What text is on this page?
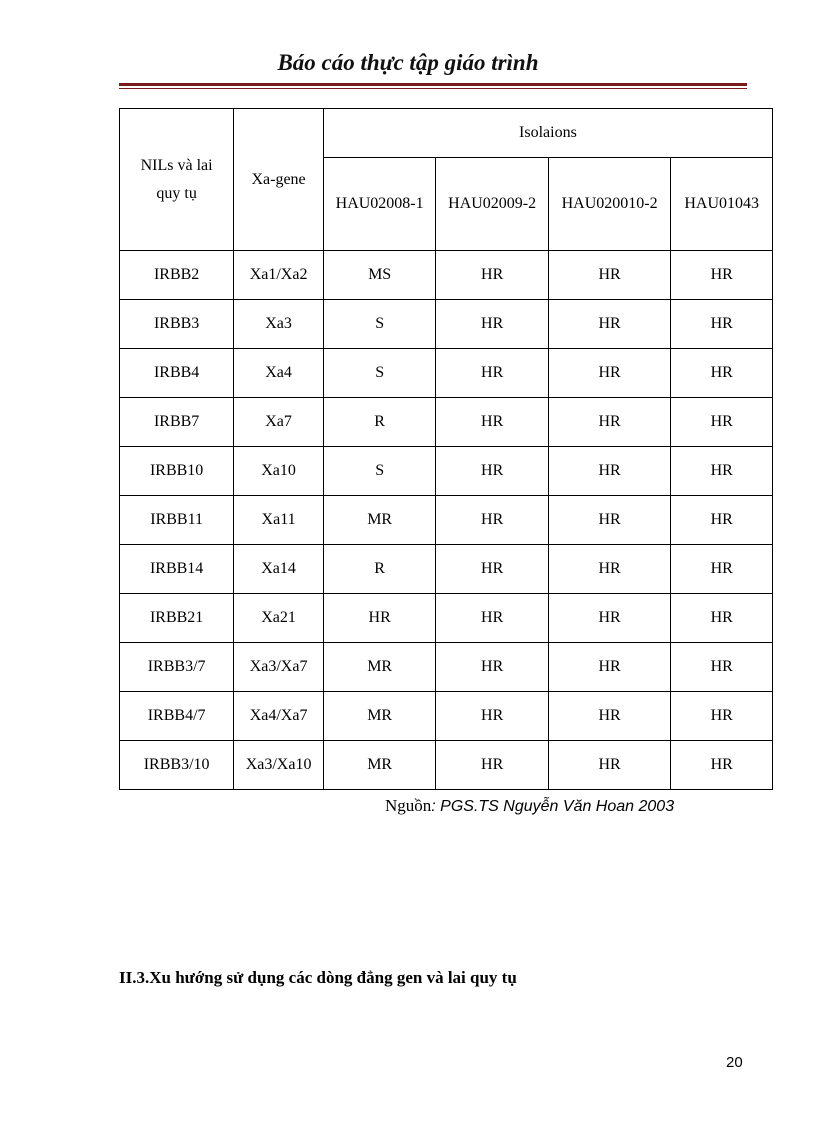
Báo cáo thực tập giáo trình
NILs và lai
quy tụ	Xa-gene	Isolaions			
		HAU02008-1	HAU02009-2	HAU020010-2	HAU01043
IRBB2	Xa1/Xa2	MS	HR	HR	HR
IRBB3	Xa3	S	HR	HR	HR
IRBB4	Xa4	S	HR	HR	HR
IRBB7	Xa7	R	HR	HR	HR
IRBB10	Xa10	S	HR	HR	HR
IRBB11	Xa11	MR	HR	HR	HR
IRBB14	Xa14	R	HR	HR	HR
IRBB21	Xa21	HR	HR	HR	HR
IRBB3/7	Xa3/Xa7	MR	HR	HR	HR
IRBB4/7	Xa4/Xa7	MR	HR	HR	HR
IRBB3/10	Xa3/Xa10	MR	HR	HR	HR
Nguồn: PGS.TS Nguyễn Văn Hoan 2003
II.3.Xu hướng sử dụng các dòng đẳng gen và lai quy tụ
20
